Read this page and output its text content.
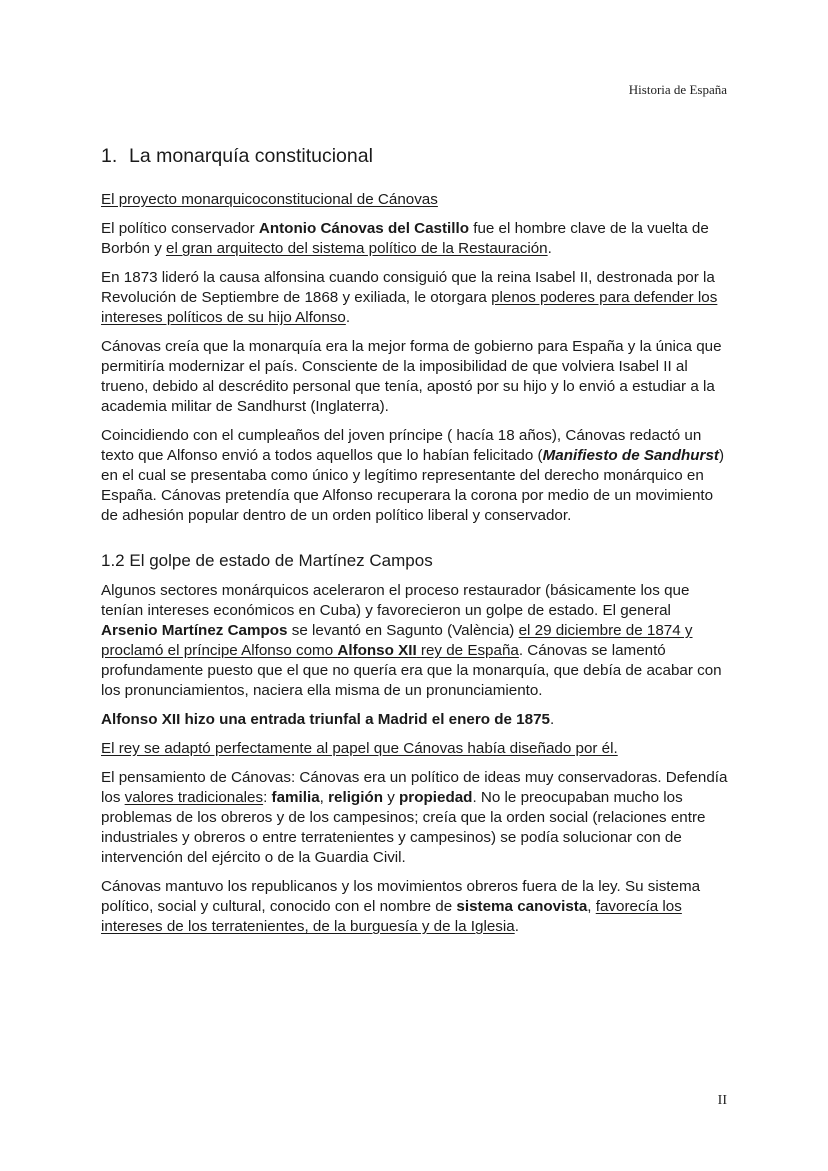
Historia de España
1. La monarquía constitucional

El proyecto monarquicoconstitucional de Cánovas

El político conservador Antonio Cánovas del Castillo fue el hombre clave de la vuelta de Borbón y el gran arquitecto del sistema político de la Restauración.

En 1873 lideró la causa alfonsina cuando consiguió que la reina Isabel II, destronada por la Revolución de Septiembre de 1868 y exiliada, le otorgara plenos poderes para defender los intereses políticos de su hijo Alfonso.

Cánovas creía que la monarquía era la mejor forma de gobierno para España y la única que permitiría modernizar el país. Consciente de la imposibilidad de que volviera Isabel II al trueno, debido al descrédito personal que tenía, apostó por su hijo y lo envió a estudiar a la academia militar de Sandhurst (Inglaterra).

Coincidiendo con el cumpleaños del joven príncipe ( hacía 18 años), Cánovas redactó un texto que Alfonso envió a todos aquellos que lo habían felicitado (Manifiesto de Sandhurst) en el cual se presentaba como único y legítimo representante del derecho monárquico en España. Cánovas pretendía que Alfonso recuperara la corona por medio de un movimiento de adhesión popular dentro de un orden político liberal y conservador.

1.2 El golpe de estado de Martínez Campos

Algunos sectores monárquicos aceleraron el proceso restaurador (básicamente los que tenían intereses económicos en Cuba) y favorecieron un golpe de estado. El general Arsenio Martínez Campos se levantó en Sagunto (València) el 29 diciembre de 1874 y proclamó el príncipe Alfonso como Alfonso XII rey de España. Cánovas se lamentó profundamente puesto que el que no quería era que la monarquía, que debía de acabar con los pronunciamientos, naciera ella misma de un pronunciamiento.

Alfonso XII hizo una entrada triunfal a Madrid el enero de 1875.

El rey se adaptó perfectamente al papel que Cánovas había diseñado por él.

El pensamiento de Cánovas: Cánovas era un político de ideas muy conservadoras. Defendía los valores tradicionales: familia, religión y propiedad. No le preocupaban mucho los problemas de los obreros y de los campesinos; creía que la orden social (relaciones entre industriales y obreros o entre terratenientes y campesinos) se podía solucionar con de intervención del ejército o de la Guardia Civil.

Cánovas mantuvo los republicanos y los movimientos obreros fuera de la ley. Su sistema político, social y cultural, conocido con el nombre de sistema canovista, favorecía los intereses de los terratenientes, de la burguesía y de la Iglesia.

II
